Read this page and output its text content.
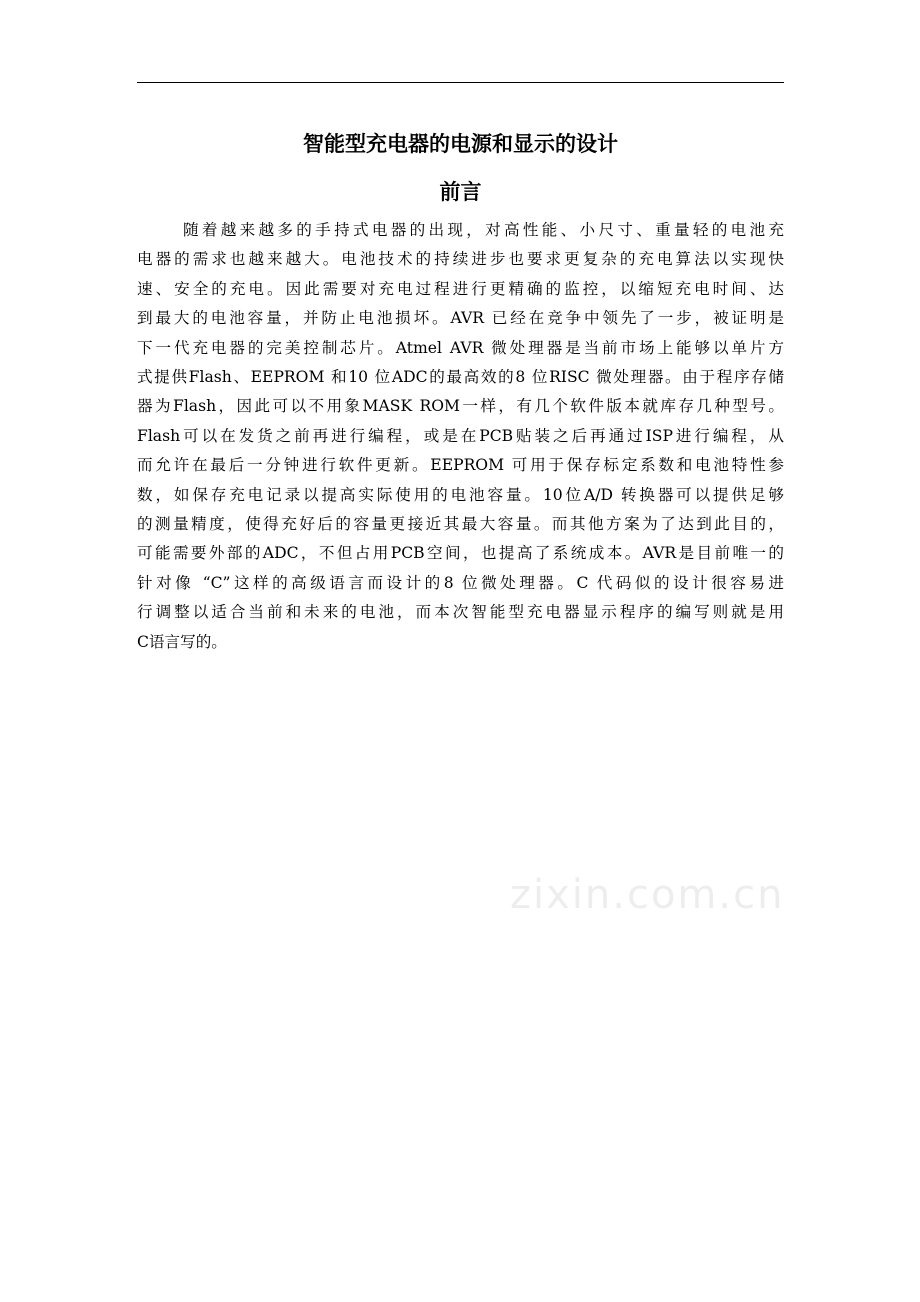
智能型充电器的电源和显示的设计
前言

随着越来越多的手持式电器的出现，对高性能、小尺寸、重量轻的电池充
电器的需求也越来越大。电池技术的持续进步也要求更复杂的充电算法以实现快
速、安全的充电。因此需要对充电过程进行更精确的监控，以缩短充电时间、达
到最大的电池容量，并防止电池损坏。AVR 已经在竞争中领先了一步，被证明是
下一代充电器的完美控制芯片。Atmel AVR 微处理器是当前市场上能够以单片方
式提供Flash、EEPROM 和10 位ADC的最高效的8 位RISC 微处理器。由于程序存储
器为Flash，因此可以不用象MASK ROM一样，有几个软件版本就库存几种型号。
Flash可以在发货之前再进行编程，或是在PCB贴装之后再通过ISP进行编程，从
而允许在最后一分钟进行软件更新。EEPROM 可用于保存标定系数和电池特性参
数，如保存充电记录以提高实际使用的电池容量。10位A/D 转换器可以提供足够
的测量精度，使得充好后的容量更接近其最大容量。而其他方案为了达到此目的，
可能需要外部的ADC，不但占用PCB空间，也提高了系统成本。AVR是目前唯一的
针对像 “C”这样的高级语言而设计的8 位微处理器。C 代码似的设计很容易进
行调整以适合当前和未来的电池，而本次智能型充电器显示程序的编写则就是用
C语言写的。

zixin.com.cn
